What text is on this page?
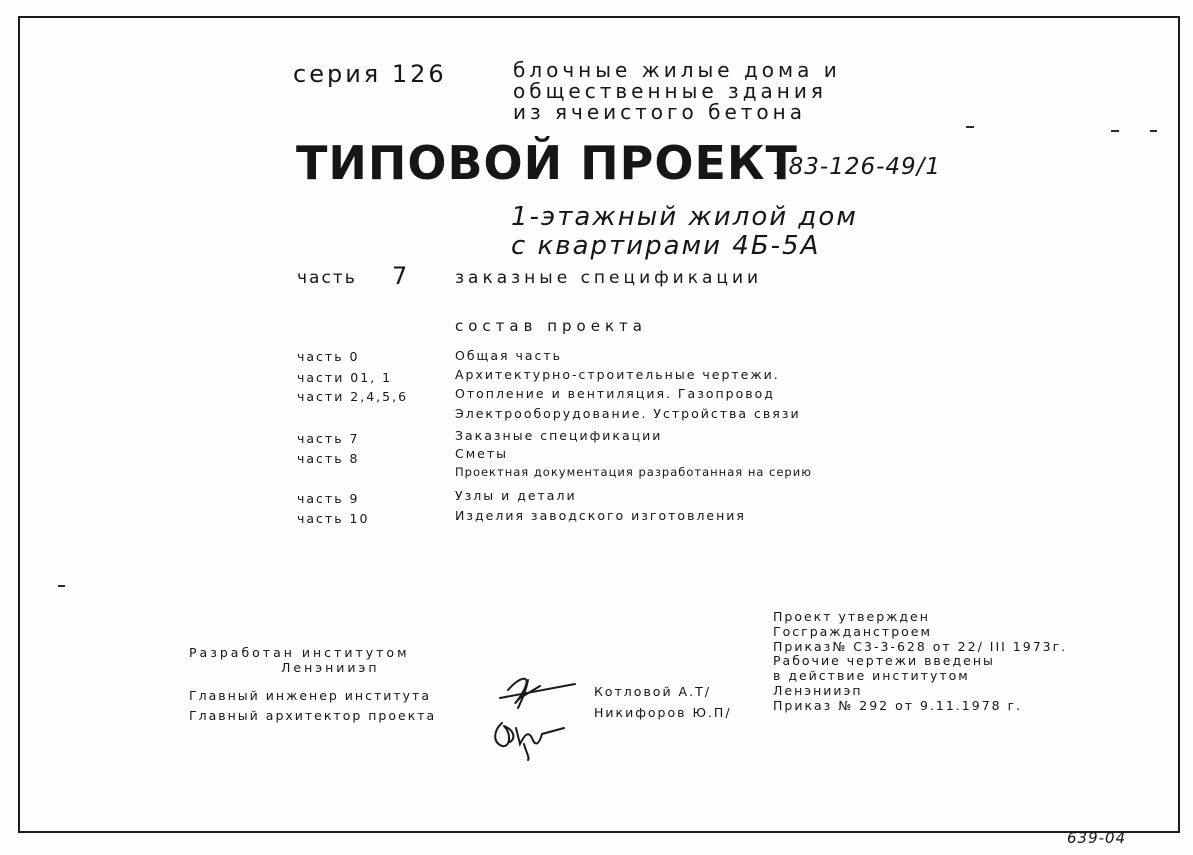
серия 126	блочные жилые дома и
общественные здания
из ячеистого бетона
ТИПОВОЙ ПРОЕКТ
183-126-49/1
1-этажный жилой дом
с квартирами 4Б-5А
часть 7	заказные спецификации
состав проекта
часть 0	Общая часть
части 01, 1	Архитектурно-строительные чертежи.
части 2,4,5,6	Отопление и вентиляция. Газопровод
Электрооборудование. Устройства связи
часть 7	Заказные спецификации
часть 8	Сметы
Проектная документация разработанная на серию
часть 9	Узлы и детали
часть 10	Изделия заводского изготовления
Разработан институтом
Ленэнииэп
Главный инженер института
Главный архитектор проекта
Котловой А.Т/
Никифоров Ю.П/
Проект утвержден
Госгражданстроем
Приказ№ С3-3-628 от 22/ III 1973г.
Рабочие чертежи введены
в действие институтом
Ленэнииэп
Приказ № 292 от 9.11.1978 г.
639-04
